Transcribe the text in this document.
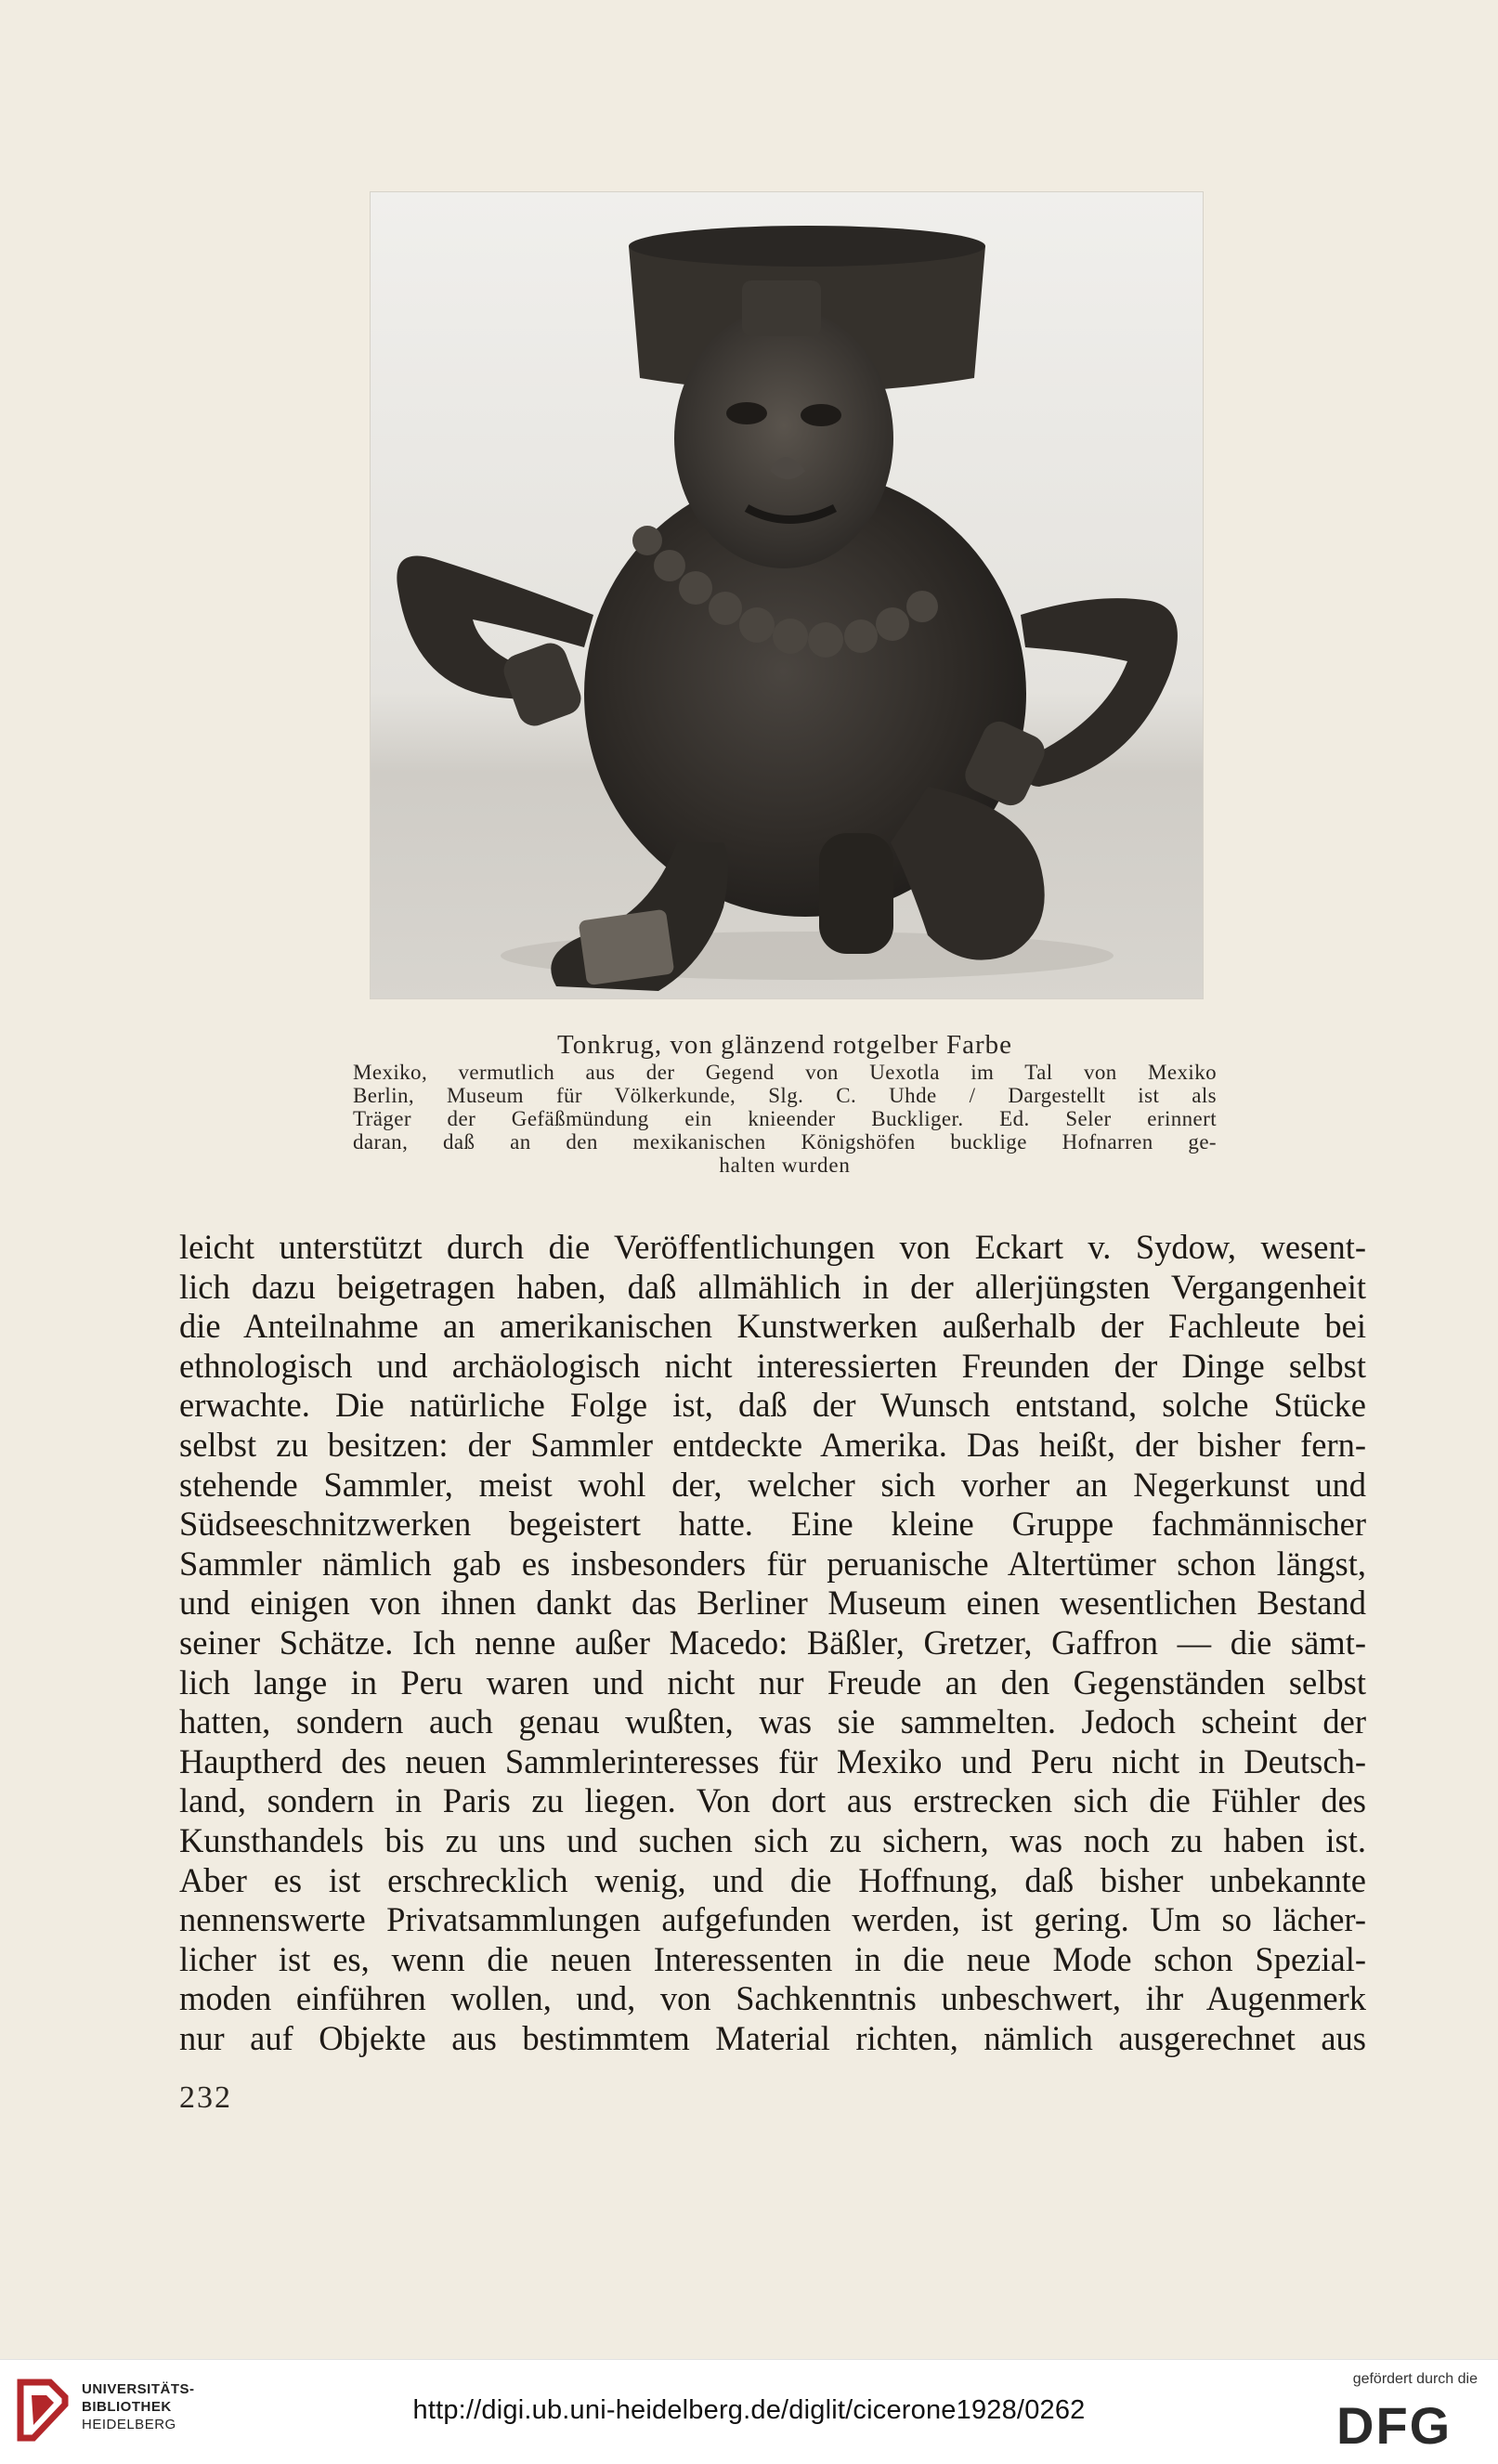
Tonkrug, von glänzend rotgelber Farbe
Mexiko, vermutlich aus der Gegend von Uexotla im Tal von Mexiko
Berlin, Museum für Völkerkunde, Slg. C. Uhde / Dargestellt ist als
Träger der Gefäßmündung ein knieender Buckliger. Ed. Seler erinnert
daran, daß an den mexikanischen Königshöfen bucklige Hofnarren ge-
halten wurden
leicht unterstützt durch die Veröffentlichungen von Eckart v. Sydow, wesent-
lich dazu beigetragen haben, daß allmählich in der allerjüngsten Vergangenheit
die Anteilnahme an amerikanischen Kunstwerken außerhalb der Fachleute bei
ethnologisch und archäologisch nicht interessierten Freunden der Dinge selbst
erwachte. Die natürliche Folge ist, daß der Wunsch entstand, solche Stücke
selbst zu besitzen: der Sammler entdeckte Amerika. Das heißt, der bisher fern-
stehende Sammler, meist wohl der, welcher sich vorher an Negerkunst und
Südseeschnitzwerken begeistert hatte. Eine kleine Gruppe fachmännischer
Sammler nämlich gab es insbesonders für peruanische Altertümer schon längst,
und einigen von ihnen dankt das Berliner Museum einen wesentlichen Bestand
seiner Schätze. Ich nenne außer Macedo: Bäßler, Gretzer, Gaffron — die sämt-
lich lange in Peru waren und nicht nur Freude an den Gegenständen selbst
hatten, sondern auch genau wußten, was sie sammelten. Jedoch scheint der
Hauptherd des neuen Sammlerinteresses für Mexiko und Peru nicht in Deutsch-
land, sondern in Paris zu liegen. Von dort aus erstrecken sich die Fühler des
Kunsthandels bis zu uns und suchen sich zu sichern, was noch zu haben ist.
Aber es ist erschrecklich wenig, und die Hoffnung, daß bisher unbekannte
nennenswerte Privatsammlungen aufgefunden werden, ist gering. Um so lächer-
licher ist es, wenn die neuen Interessenten in die neue Mode schon Spezial-
moden einführen wollen, und, von Sachkenntnis unbeschwert, ihr Augenmerk
nur auf Objekte aus bestimmtem Material richten, nämlich ausgerechnet aus
232
UNIVERSITÄTS-
BIBLIOTHEK
HEIDELBERG	http://digi.ub.uni-heidelberg.de/diglit/cicerone1928/0262
gefördert durch die
DFG
